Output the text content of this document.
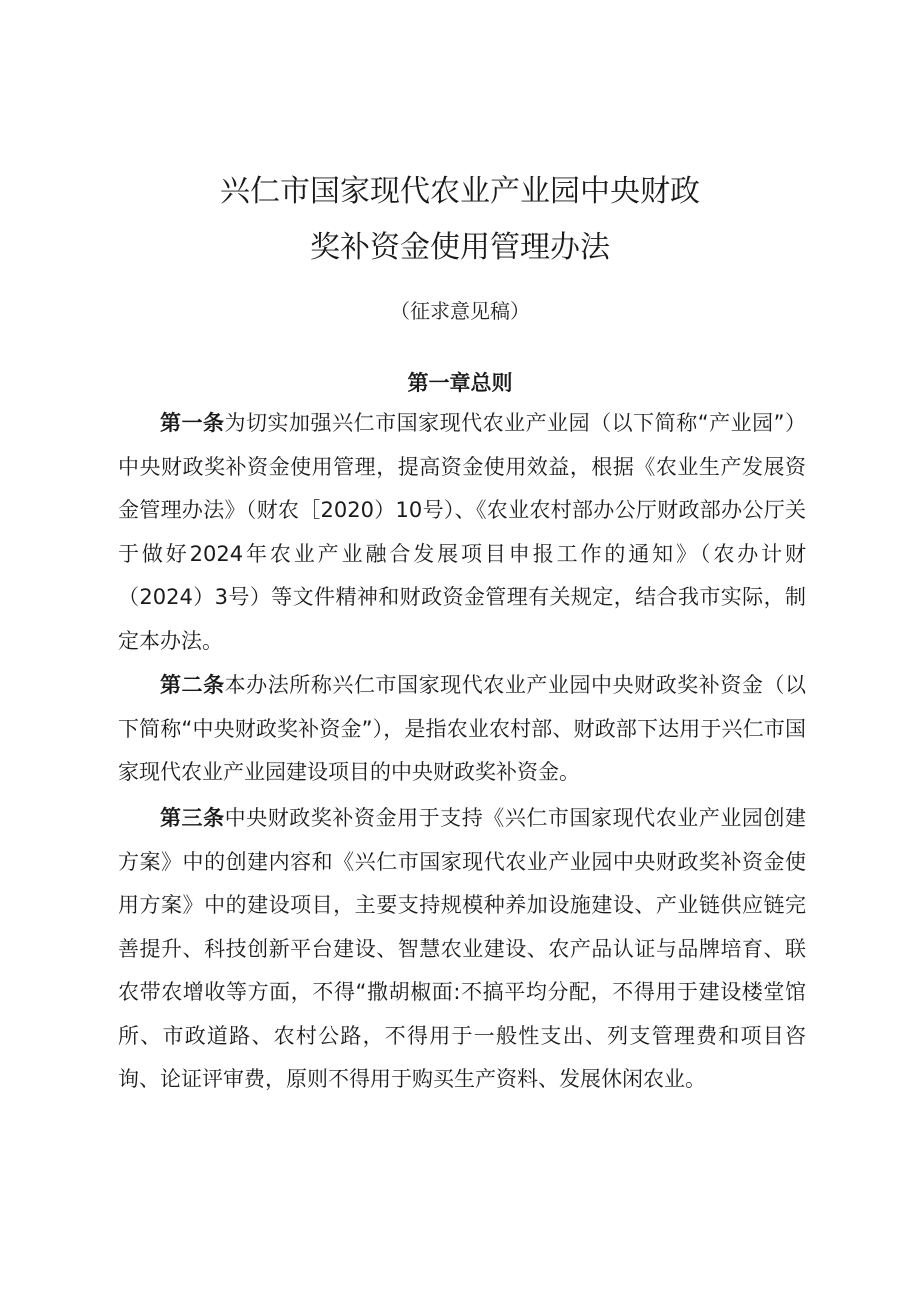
兴仁市国家现代农业产业园中央财政
奖补资金使用管理办法
（征求意见稿）
第一章总则

第一条为切实加强兴仁市国家现代农业产业园（以下简称“产业园”）中央财政奖补资金使用管理，提高资金使用效益，根据《农业生产发展资金管理办法》（财农［2020）10号）、《农业农村部办公厅财政部办公厅关于做好2024年农业产业融合发展项目申报工作的通知》（农办计财（2024）3号）等文件精神和财政资金管理有关规定，结合我市实际，制定本办法。

第二条本办法所称兴仁市国家现代农业产业园中央财政奖补资金（以下简称“中央财政奖补资金”），是指农业农村部、财政部下达用于兴仁市国家现代农业产业园建设项目的中央财政奖补资金。

第三条中央财政奖补资金用于支持《兴仁市国家现代农业产业园创建方案》中的创建内容和《兴仁市国家现代农业产业园中央财政奖补资金使用方案》中的建设项目，主要支持规模种养加设施建设、产业链供应链完善提升、科技创新平台建设、智慧农业建设、农产品认证与品牌培育、联农带农增收等方面，不得“撒胡椒面:不搞平均分配，不得用于建设楼堂馆所、市政道路、农村公路，不得用于一般性支出、列支管理费和项目咨询、论证评审费，原则不得用于购买生产资料、发展休闲农业。
